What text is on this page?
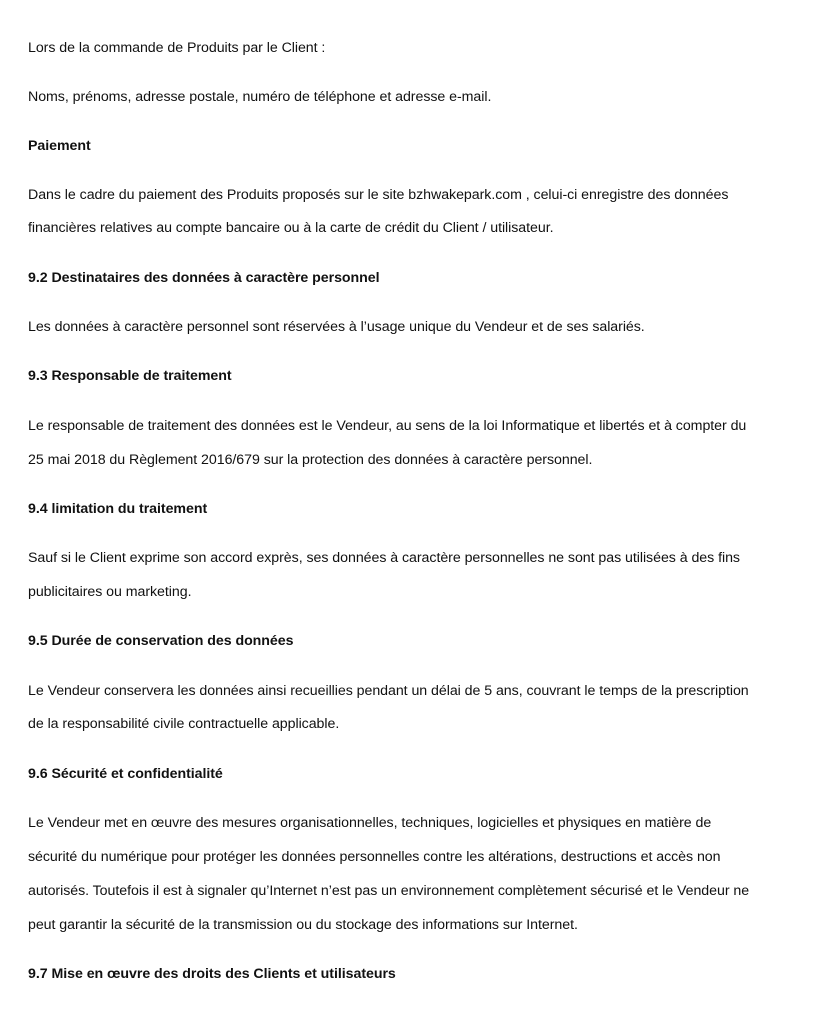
Lors de la commande de Produits par le Client :
Noms, prénoms, adresse postale, numéro de téléphone et adresse e-mail.
Paiement
Dans le cadre du paiement des Produits proposés sur le site bzhwakepark.com , celui-ci enregistre des données
financières relatives au compte bancaire ou à la carte de crédit du Client / utilisateur.
9.2 Destinataires des données à caractère personnel
Les données à caractère personnel sont réservées à l’usage unique du Vendeur et de ses salariés.
9.3 Responsable de traitement
Le responsable de traitement des données est le Vendeur, au sens de la loi Informatique et libertés et à compter du
25 mai 2018 du Règlement 2016/679 sur la protection des données à caractère personnel.
9.4 limitation du traitement
Sauf si le Client exprime son accord exprès, ses données à caractère personnelles ne sont pas utilisées à des fins
publicitaires ou marketing.
9.5 Durée de conservation des données
Le Vendeur conservera les données ainsi recueillies pendant un délai de 5 ans, couvrant le temps de la prescription
de la responsabilité civile contractuelle applicable.
9.6 Sécurité et confidentialité
Le Vendeur met en œuvre des mesures organisationnelles, techniques, logicielles et physiques en matière de
sécurité du numérique pour protéger les données personnelles contre les altérations, destructions et accès non
autorisés. Toutefois il est à signaler qu’Internet n’est pas un environnement complètement sécurisé et le Vendeur ne
peut garantir la sécurité de la transmission ou du stockage des informations sur Internet.
9.7 Mise en œuvre des droits des Clients et utilisateurs
